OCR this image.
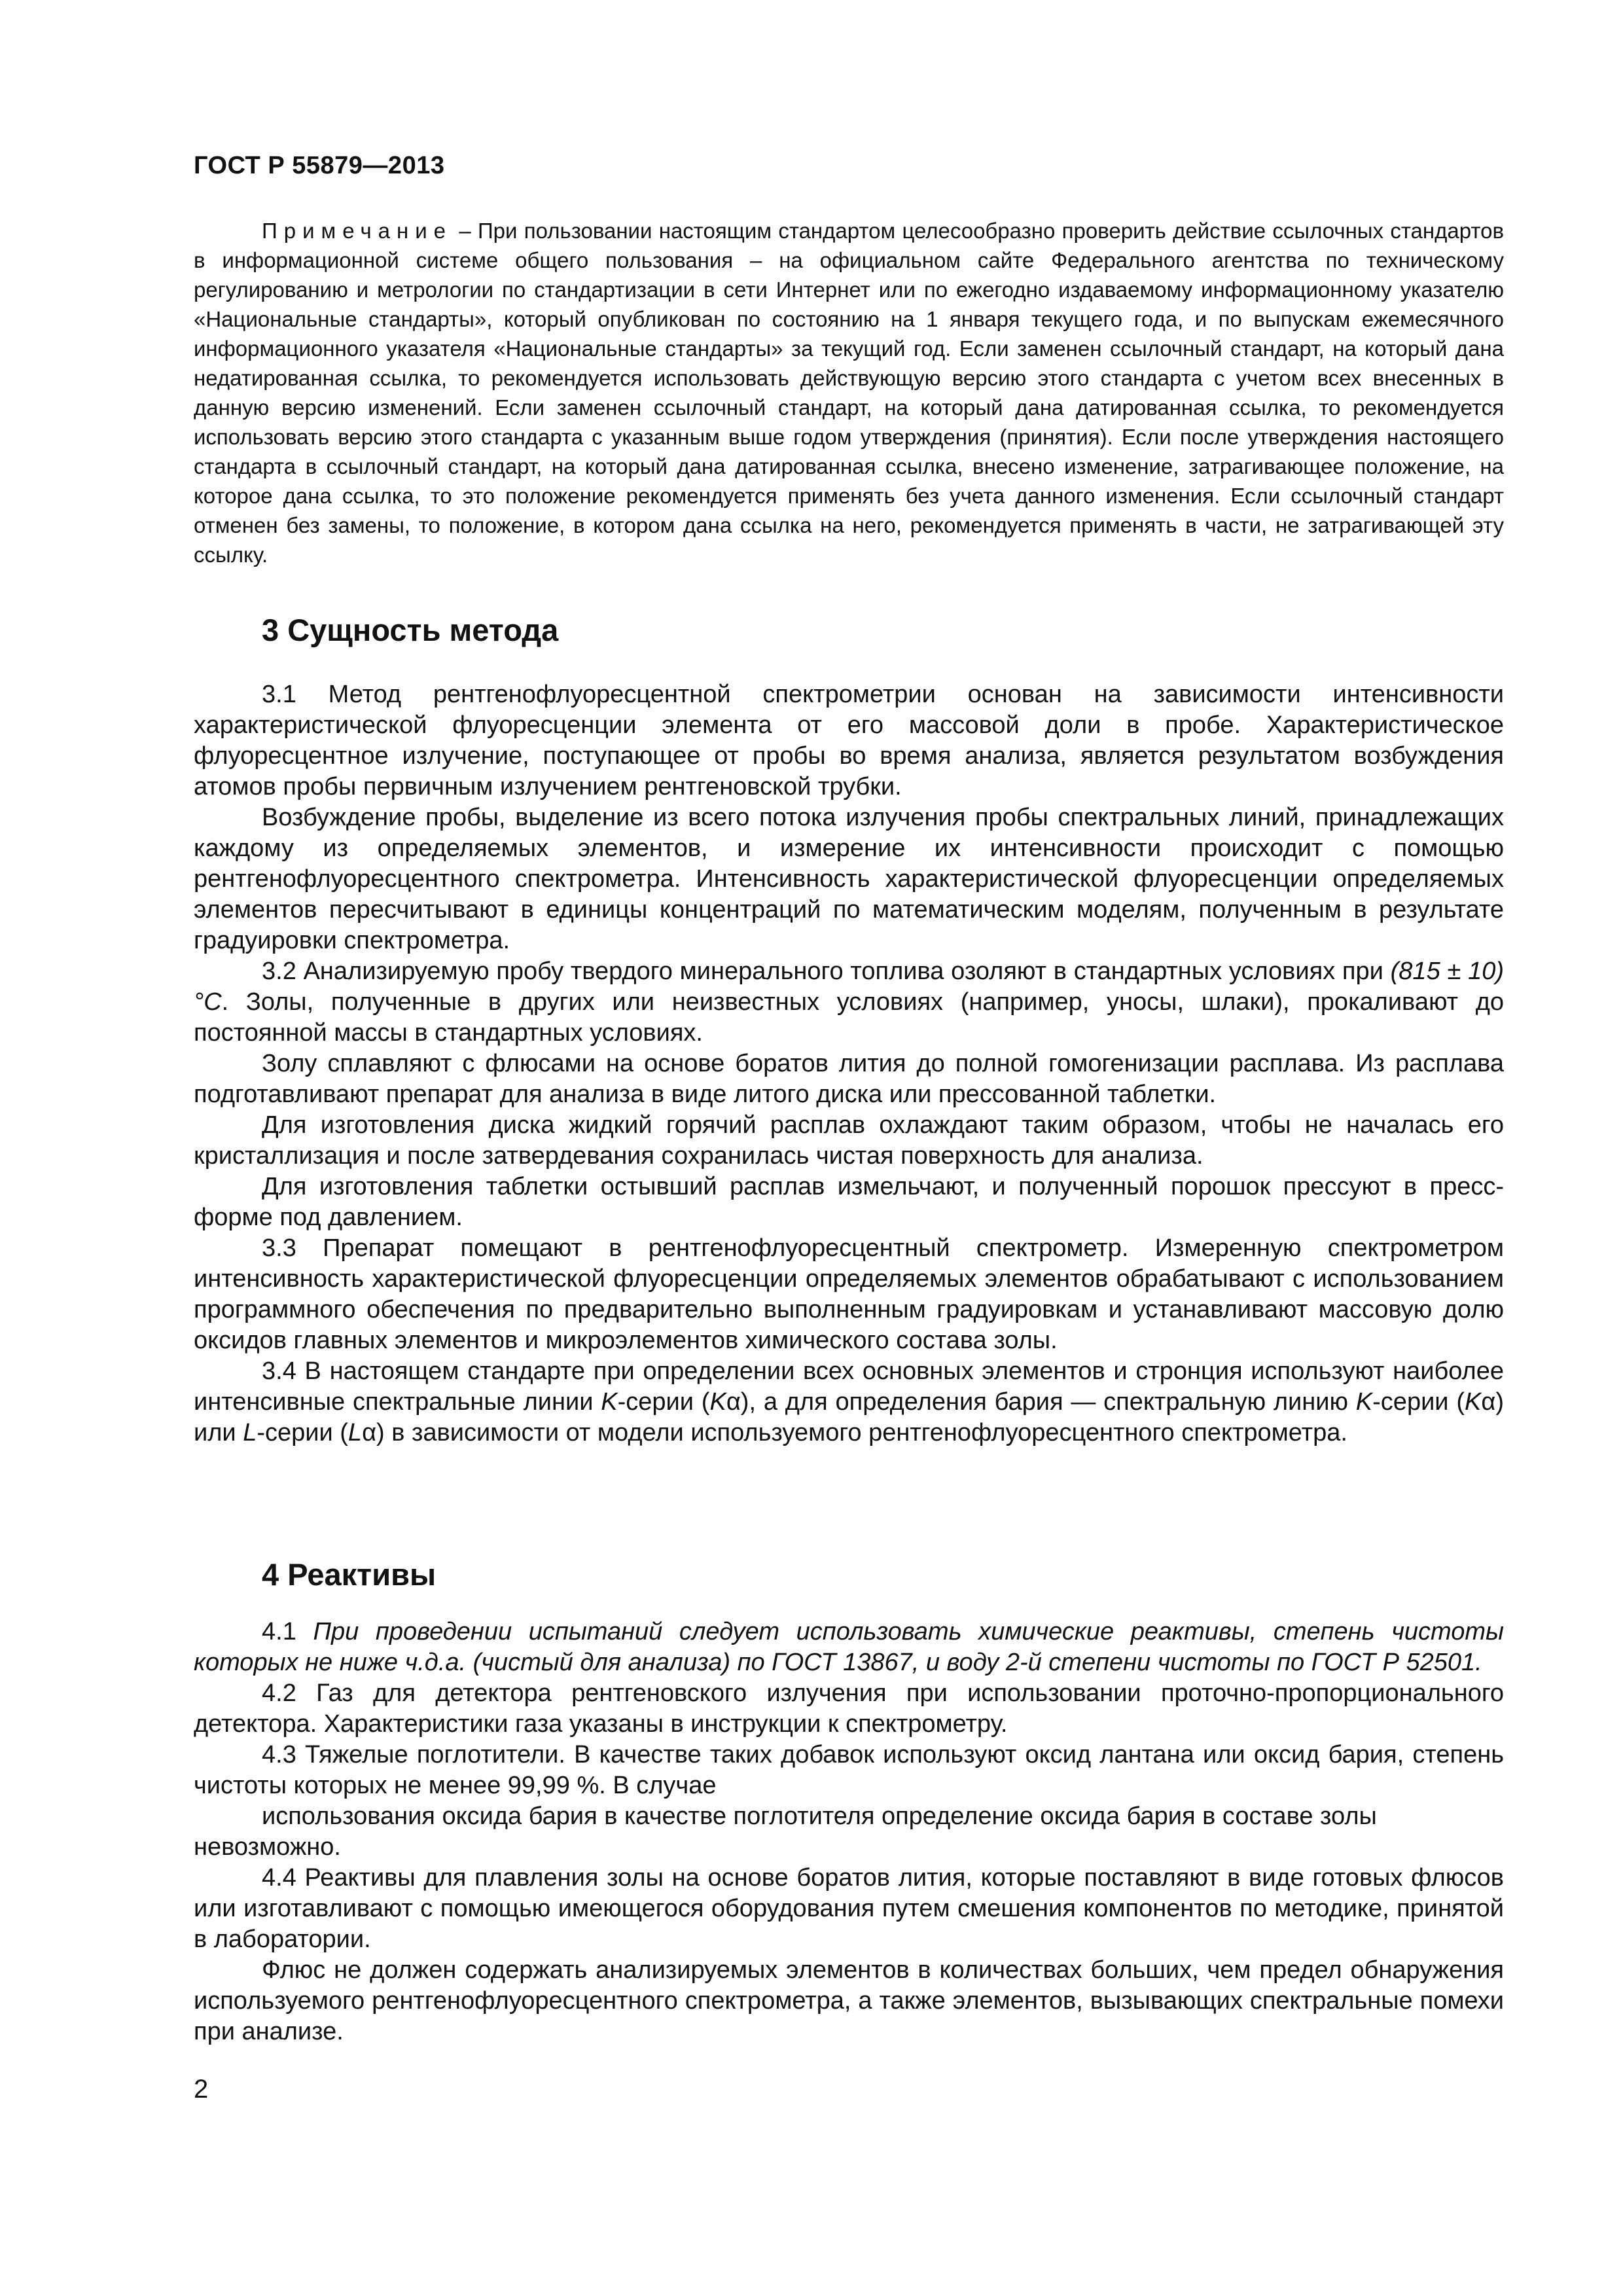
ГОСТ Р 55879—2013

Примечание – При пользовании настоящим стандартом целесообразно проверить действие ссылочных стандартов в информационной системе общего пользования – на официальном сайте Федерального агентства по техническому регулированию и метрологии по стандартизации в сети Интернет или по ежегодно издаваемому информационному указателю «Национальные стандарты», который опубликован по состоянию на 1 января текущего года, и по выпускам ежемесячного информационного указателя «Национальные стандарты» за текущий год. Если заменен ссылочный стандарт, на который дана недатированная ссылка, то рекомендуется использовать действующую версию этого стандарта с учетом всех внесенных в данную версию изменений. Если заменен ссылочный стандарт, на который дана датированная ссылка, то рекомендуется использовать версию этого стандарта с указанным выше годом утверждения (принятия). Если после утверждения настоящего стандарта в ссылочный стандарт, на который дана датированная ссылка, внесено изменение, затрагивающее положение, на которое дана ссылка, то это положение рекомендуется применять без учета данного изменения. Если ссылочный стандарт отменен без замены, то положение, в котором дана ссылка на него, рекомендуется применять в части, не затрагивающей эту ссылку.

3 Сущность метода

3.1 Метод рентгенофлуоресцентной спектрометрии основан на зависимости интенсивности характеристической флуоресценции элемента от его массовой доли в пробе. Характеристическое флуоресцентное излучение, поступающее от пробы во время анализа, является результатом возбуждения атомов пробы первичным излучением рентгеновской трубки.

Возбуждение пробы, выделение из всего потока излучения пробы спектральных линий, принадлежащих каждому из определяемых элементов, и измерение их интенсивности происходит с помощью рентгенофлуоресцентного спектрометра. Интенсивность характеристической флуоресценции определяемых элементов пересчитывают в единицы концентраций по математическим моделям, полученным в результате градуировки спектрометра.

3.2 Анализируемую пробу твердого минерального топлива озоляют в стандартных условиях при (815 ± 10) °С. Золы, полученные в других или неизвестных условиях (например, уносы, шлаки), прокаливают до постоянной массы в стандартных условиях.

Золу сплавляют с флюсами на основе боратов лития до полной гомогенизации расплава. Из расплава подготавливают препарат для анализа в виде литого диска или прессованной таблетки.

Для изготовления диска жидкий горячий расплав охлаждают таким образом, чтобы не началась его кристаллизация и после затвердевания сохранилась чистая поверхность для анализа.

Для изготовления таблетки остывший расплав измельчают, и полученный порошок прессуют в пресс-форме под давлением.

3.3 Препарат помещают в рентгенофлуоресцентный спектрометр. Измеренную спектрометром интенсивность характеристической флуоресценции определяемых элементов обрабатывают с использованием программного обеспечения по предварительно выполненным градуировкам и устанавливают массовую долю оксидов главных элементов и микроэлементов химического состава золы.

3.4 В настоящем стандарте при определении всех основных элементов и стронция используют наиболее интенсивные спектральные линии K-серии (Kα), а для определения бария — спектральную линию K-серии (Kα) или L-серии (Lα) в зависимости от модели используемого рентгенофлуоресцентного спектрометра.

4 Реактивы

4.1 При проведении испытаний следует использовать химические реактивы, степень чистоты которых не ниже ч.д.а. (чистый для анализа) по ГОСТ 13867, и воду 2-й степени чистоты по ГОСТ Р 52501.

4.2 Газ для детектора рентгеновского излучения при использовании проточно-пропорционального детектора. Характеристики газа указаны в инструкции к спектрометру.

4.3 Тяжелые поглотители. В качестве таких добавок используют оксид лантана или оксид бария, степень чистоты которых не менее 99,99 %. В случае

использования оксида бария в качестве поглотителя определение оксида бария в составе золы невозможно.

4.4 Реактивы для плавления золы на основе боратов лития, которые поставляют в виде готовых флюсов или изготавливают с помощью имеющегося оборудования путем смешения компонентов по методике, принятой в лаборатории.

Флюс не должен содержать анализируемых элементов в количествах больших, чем предел обнаружения используемого рентгенофлуоресцентного спектрометра, а также элементов, вызывающих спектральные помехи при анализе.

2
